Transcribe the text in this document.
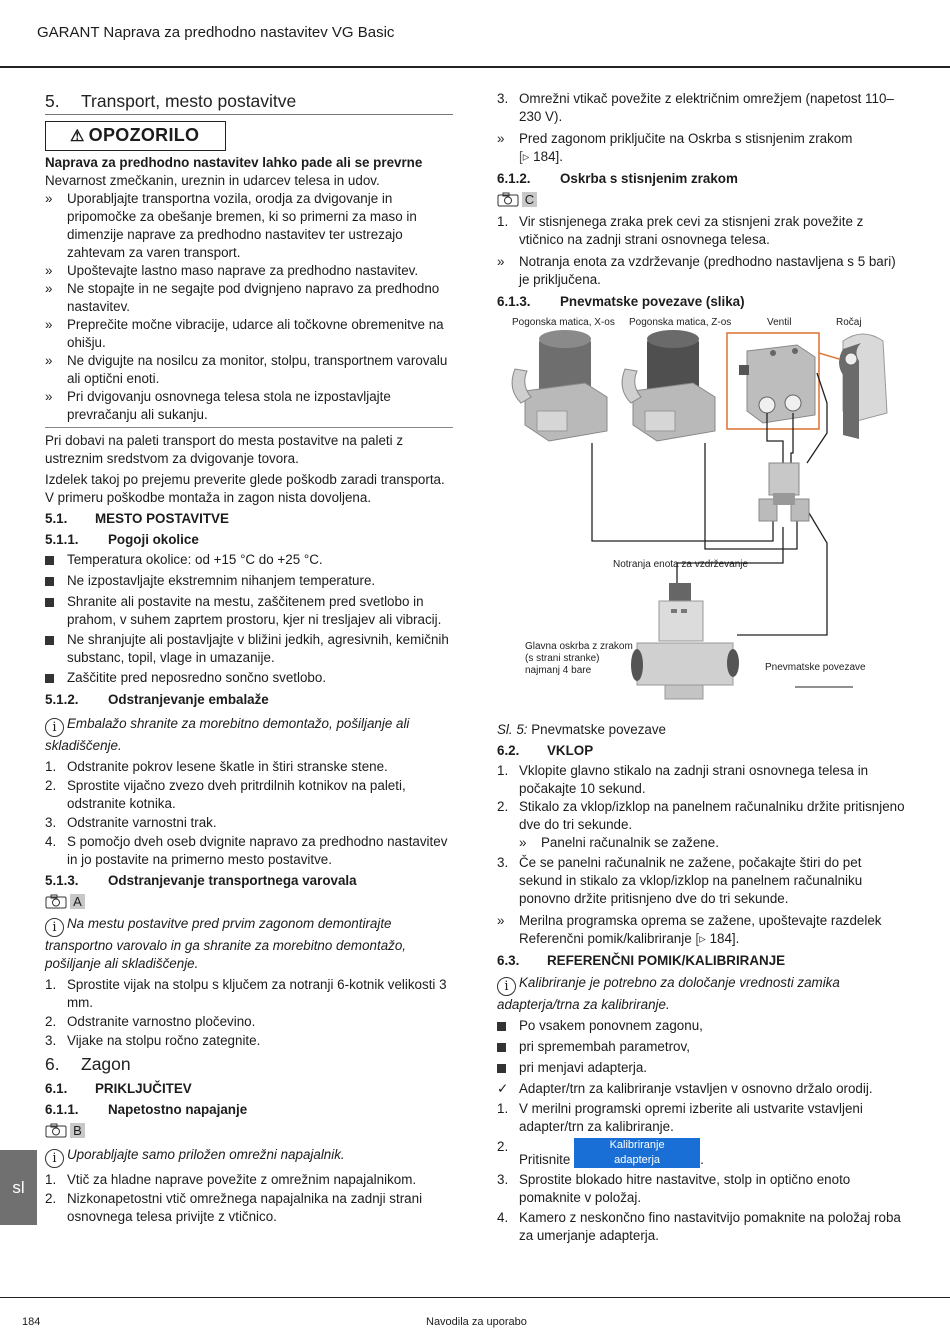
GARANT Naprava za predhodno nastavitev VG Basic
5.	Transport, mesto postavitve
⚠ OPOZORILO

Naprava za predhodno nastavitev lahko pade ali se prevrne

Nevarnost zmečkanin, ureznin in udarcev telesa in udov.

»	Uporabljajte transportna vozila, orodja za dvigovanje in pripomočke za obešanje bremen, ki so primerni za maso in dimenzije naprave za predhodno nastavitev ter ustrezajo zahtevam za varen transport.
»	Upoštevajte lastno maso naprave za predhodno nastavitev.
»	Ne stopajte in ne segajte pod dvignjeno napravo za predhodno nastavitev.
»	Preprečite močne vibracije, udarce ali točkovne obremenitve na ohišju.
»	Ne dvigujte na nosilcu za monitor, stolpu, transportnem varovalu ali optični enoti.
»	Pri dvigovanju osnovnega telesa stola ne izpostavljajte prevračanju ali sukanju.

Pri dobavi na paleti transport do mesta postavitve na paleti z ustreznim sredstvom za dvigovanje tovora.

Izdelek takoj po prejemu preverite glede poškodb zaradi transporta. V primeru poškodbe montaža in zagon nista dovoljena.

5.1.	MESTO POSTAVITVE
5.1.1.	Pogoji okolice
Temperatura okolice: od +15 °C do +25 °C.
Ne izpostavljajte ekstremnim nihanjem temperature.
Shranite ali postavite na mestu, zaščitenem pred svetlobo in prahom, v suhem zaprtem prostoru, kjer ni tresljajev ali vibracij.
Ne shranjujte ali postavljajte v bližini jedkih, agresivnih, kemičnih substanc, topil, vlage in umazanije.
Zaščitite pred neposredno sončno svetlobo.
5.1.2.	Odstranjevanje embalaže

i Embalažo shranite za morebitno demontažo, pošiljanje ali skladiščenje.

1. Odstranite pokrov lesene škatle in štiri stranske stene.
2. Sprostite vijačno zvezo dveh pritrdilnih kotnikov na paleti, odstranite kotnika.
3. Odstranite varnostni trak.
4. S pomočjo dveh oseb dvignite napravo za predhodno nastavitev in jo postavite na primerno mesto postavitve.
5.1.3.	Odstranjevanje transportnega varovala
A

i Na mestu postavitve pred prvim zagonom demontirajte transportno varovalo in ga shranite za morebitno demontažo, pošiljanje ali skladiščenje.

1. Sprostite vijak na stolpu s ključem za notranji 6-kotnik velikosti 3 mm.
2. Odstranite varnostno pločevino.
3. Vijake na stolpu ročno zategnite.
6.	Zagon
6.1.	PRIKLJUČITEV
6.1.1.	Napetostno napajanje
B

i Uporabljajte samo priložen omrežni napajalnik.

1. Vtič za hladne naprave povežite z omrežnim napajalnikom.
2. Nizkonapetostni vtič omrežnega napajalnika na zadnji strani osnovnega telesa privijte z vtičnico.
3. Omrežni vtikač povežite z električnim omrežjem (napetost 110–230 V).
»	Pred zagonom priključite na Oskrba s stisnjenim zrakom
[▹ 184].
6.1.2.	Oskrba s stisnjenim zrakom
C
1. Vir stisnjenega zraka prek cevi za stisnjeni zrak povežite z vtičnico na zadnji strani osnovnega telesa.
»	Notranja enota za vzdrževanje (predhodno nastavljena s 5 bari) je priključena.
6.1.3.	Pnevmatske povezave (slika)
Pogonska matica, X-os Pogonska matica, Z-os	Ventil	Ročaj
Notranja enota za vzdrževanje
Glavna oskrba z zrakom
(s strani stranke)
najmanj 4 bare	Pnevmatske povezave

Sl. 5: Pnevmatske povezave

6.2.	VKLOP
1. Vklopite glavno stikalo na zadnji strani osnovnega telesa in počakajte 10 sekund.
2. Stikalo za vklop/izklop na panelnem računalniku držite pritisnjeno dve do tri sekunde.
»	Panelni računalnik se zažene.
3. Če se panelni računalnik ne zažene, počakajte štiri do pet sekund in stikalo za vklop/izklop na panelnem računalniku ponovno držite pritisnjeno dve do tri sekunde.
»	Merilna programska oprema se zažene, upoštevajte razdelek Referenčni pomik/kalibriranje [▹ 184].
6.3.	REFERENČNI POMIK/KALIBRIRANJE

i Kalibriranje je potrebno za določanje vrednosti zamika adapterja/trna za kalibriranje.

Po vsakem ponovnem zagonu,
pri spremembah parametrov,
pri menjavi adapterja.
✓ Adapter/trn za kalibriranje vstavljen v osnovno držalo orodij.
1. V merilni programski opremi izberite ali ustvarite vstavljeni adapter/trn za kalibriranje.
2.
Pritisnite Kalibriranje adapterja	.
3. Sprostite blokado hitre nastavitve, stolp in optično enoto pomaknite v položaj.
4. Kamero z neskončno fino nastavitvijo pomaknite na položaj roba za umerjanje adapterja.
sl
184	Navodila za uporabo
